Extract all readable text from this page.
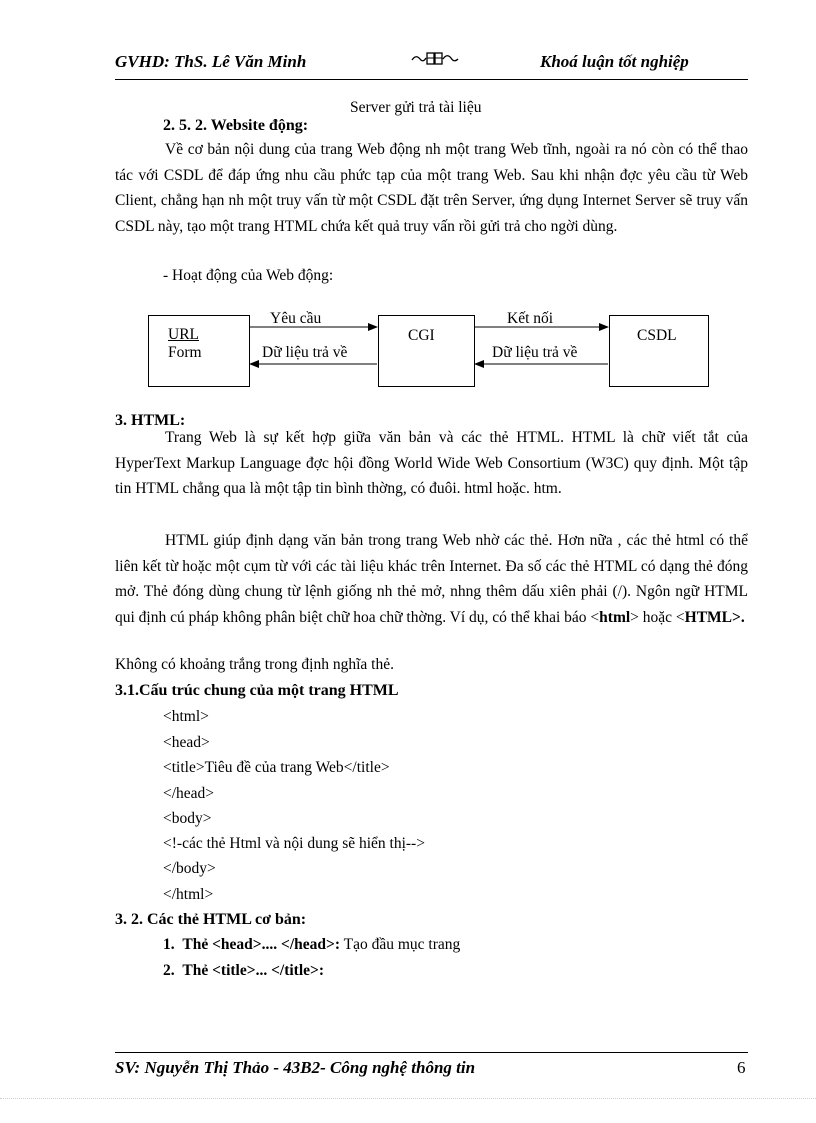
GVHD: ThS. Lê Văn Minh	Khoá luận tốt nghiệp
Server gửi trả tài liệu
2. 5. 2. Website động:
Về cơ bản nội dung của trang Web động nh một trang Web tĩnh, ngoài ra nó còn có thể thao tác với CSDL để đáp ứng nhu cầu phức tạp của một trang Web. Sau khi nhận đợc yêu cầu từ Web Client, chẳng hạn nh một truy vấn từ một CSDL đặt trên Server, ứng dụng Internet Server sẽ truy vấn CSDL này, tạo một trang HTML chứa kết quả truy vấn rồi gửi trả cho ngời dùng.
- Hoạt động của Web động:
URL
Form
CGI	CSDL
Yêu cầu
Dữ liệu trả về
Kết nối
Dữ liệu trả về
3. HTML:
Trang Web là sự kết hợp giữa văn bản và các thẻ HTML. HTML là chữ viết tắt của HyperText Markup Language đợc hội đồng World Wide Web Consortium (W3C) quy định. Một tập tin HTML chẳng qua là một tập tin bình thờng, có đuôi. html hoặc. htm.
HTML giúp định dạng văn bản trong trang Web nhờ các thẻ. Hơn nữa , các thẻ html có thể liên kết từ hoặc một cụm từ với các tài liệu khác trên Internet. Đa số các thẻ HTML có dạng thẻ đóng mở. Thẻ đóng dùng chung từ lệnh giống nh thẻ mở, nhng thêm dấu xiên phải (/). Ngôn ngữ HTML qui định cú pháp không phân biệt chữ hoa chữ thờng. Ví dụ, có thể khai báo <html> hoặc <HTML>.
Không có khoảng trắng trong định nghĩa thẻ.
3.1.Cấu trúc chung của một trang HTML
<html>
<head>
<title>Tiêu đề của trang Web</title>
</head>
<body>
<!-các thẻ Html và nội dung sẽ hiển thị-->
</body>
</html>
3. 2. Các thẻ HTML cơ bản:
1. Thẻ <head>.... </head>: Tạo đầu mục trang
2. Thẻ <title>... </title>:
SV: Nguyễn Thị Thảo - 43B2- Công nghệ thông tin	6
